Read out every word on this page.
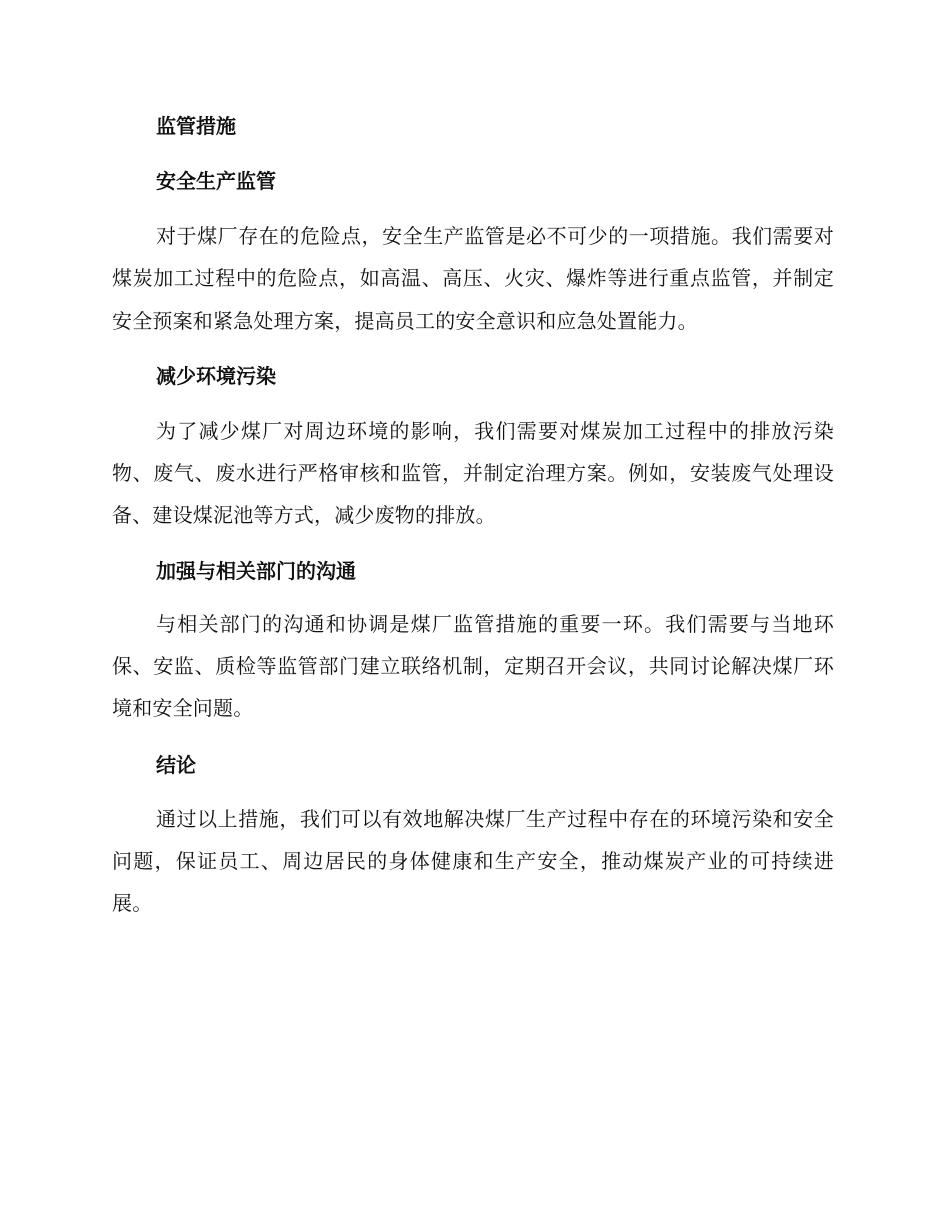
监管措施
安全生产监管

对于煤厂存在的危险点，安全生产监管是必不可少的一项措施。我们需要对煤炭加工过程中的危险点，如高温、高压、火灾、爆炸等进行重点监管，并制定安全预案和紧急处理方案，提高员工的安全意识和应急处置能力。

减少环境污染

为了减少煤厂对周边环境的影响，我们需要对煤炭加工过程中的排放污染物、废气、废水进行严格审核和监管，并制定治理方案。例如，安装废气处理设备、建设煤泥池等方式，减少废物的排放。

加强与相关部门的沟通

与相关部门的沟通和协调是煤厂监管措施的重要一环。我们需要与当地环保、安监、质检等监管部门建立联络机制，定期召开会议，共同讨论解决煤厂环境和安全问题。

结论

通过以上措施，我们可以有效地解决煤厂生产过程中存在的环境污染和安全问题，保证员工、周边居民的身体健康和生产安全，推动煤炭产业的可持续进展。
